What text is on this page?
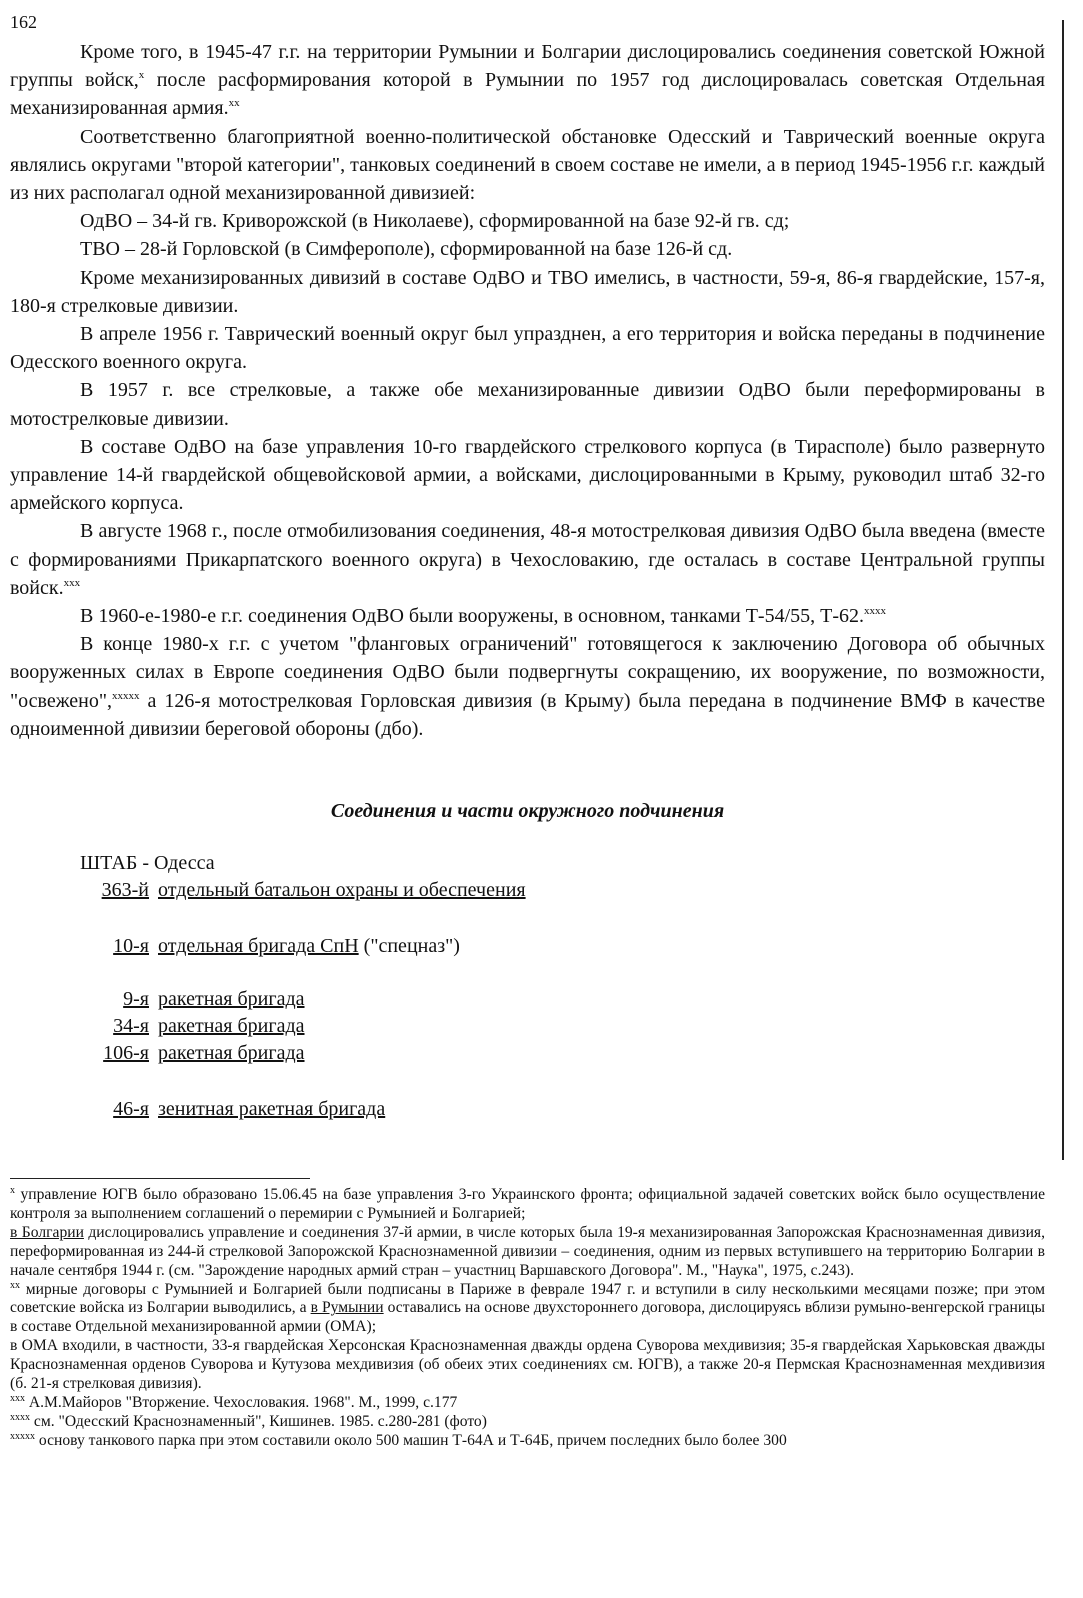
162

Кроме того, в 1945-47 г.г. на территории Румынии и Болгарии дислоцировались соединения советской Южной группы войск,$^x$ после расформирования которой в Румынии по 1957 год дислоцировалась советская Отдельная механизированная армия.$^{xx}$

Соответственно благоприятной военно-политической обстановке Одесский и Таврический военные округа являлись округами "второй категории", танковых соединений в своем составе не имели, а в период 1945-1956 г.г. каждый из них располагал одной механизированной дивизией:

ОдВО – 34-й гв. Криворожской (в Николаеве), сформированной на базе 92-й гв. сд;

ТВО – 28-й Горловской (в Симферополе), сформированной на базе 126-й сд.

Кроме механизированных дивизий в составе ОдВО и ТВО имелись, в частности, 59-я, 86-я гвардейские, 157-я, 180-я стрелковые дивизии.

В апреле 1956 г. Таврический военный округ был упразднен, а его территория и войска переданы в подчинение Одесского военного округа.

В 1957 г. все стрелковые, а также обе механизированные дивизии ОдВО были переформированы в мотострелковые дивизии.

В составе ОдВО на базе управления 10-го гвардейского стрелкового корпуса (в Тирасполе) было развернуто управление 14-й гвардейской общевойсковой армии, а войсками, дислоцированными в Крыму, руководил штаб 32-го армейского корпуса.

В августе 1968 г., после отмобилизования соединения, 48-я мотострелковая дивизия ОдВО была введена (вместе с формированиями Прикарпатского военного округа) в Чехословакию, где осталась в составе Центральной группы войск.$^{xxx}$

В 1960-е-1980-е г.г. соединения ОдВО были вооружены, в основном, танками Т-54/55, Т-62.$^{xxxx}$

В конце 1980-х г.г. с учетом "фланговых ограничений" готовящегося к заключению Договора об обычных вооруженных силах в Европе соединения ОдВО были подвергнуты сокращению, их вооружение, по возможности, "освежено",$^{xxxxx}$ а 126-я мотострелковая Горловская дивизия (в Крыму) была передана в подчинение ВМФ в качестве одноименной дивизии береговой обороны (дбо).

Соединения и части окружного подчинения
ШТАБ - Одесса
363-й отдельный батальон охраны и обеспечения
10-я отдельная бригада СпН ("спецназ")
9-я ракетная бригада
34-я ракетная бригада
106-я ракетная бригада
46-я зенитная ракетная бригада

$^x$ управление ЮГВ было образовано 15.06.45 на базе управления 3-го Украинского фронта; официальной задачей советских войск было осуществление контроля за выполнением соглашений о перемирии с Румынией и Болгарией;

в Болгарии дислоцировались управление и соединения 37-й армии, в числе которых была 19-я механизированная Запорожская Краснознаменная дивизия, переформированная из 244-й стрелковой Запорожской Краснознаменной дивизии – соединения, одним из первых вступившего на территорию Болгарии в начале сентября 1944 г. (см. "Зарождение народных армий стран – участниц Варшавского Договора". М., "Наука", 1975, с.243).

$^{xx}$ мирные договоры с Румынией и Болгарией были подписаны в Париже в феврале 1947 г. и вступили в силу несколькими месяцами позже; при этом советские войска из Болгарии выводились, а в Румынии оставались на основе двухстороннего договора, дислоцируясь вблизи румыно-венгерской границы в составе Отдельной механизированной армии (ОМА);

в ОМА входили, в частности, 33-я гвардейская Херсонская Краснознаменная дважды ордена Суворова мехдивизия; 35-я гвардейская Харьковская дважды Краснознаменная орденов Суворова и Кутузова мехдивизия (об обеих этих соединениях см. ЮГВ), а также 20-я Пермская Краснознаменная мехдивизия (б. 21-я стрелковая дивизия).

$^{xxx}$ А.М.Майоров "Вторжение. Чехословакия. 1968". М., 1999, с.177

$^{xxxx}$ см. "Одесский Краснознаменный", Кишинев. 1985. с.280-281 (фото)

$^{xxxxx}$ основу танкового парка при этом составили около 500 машин Т-64А и Т-64Б, причем последних было более 300
